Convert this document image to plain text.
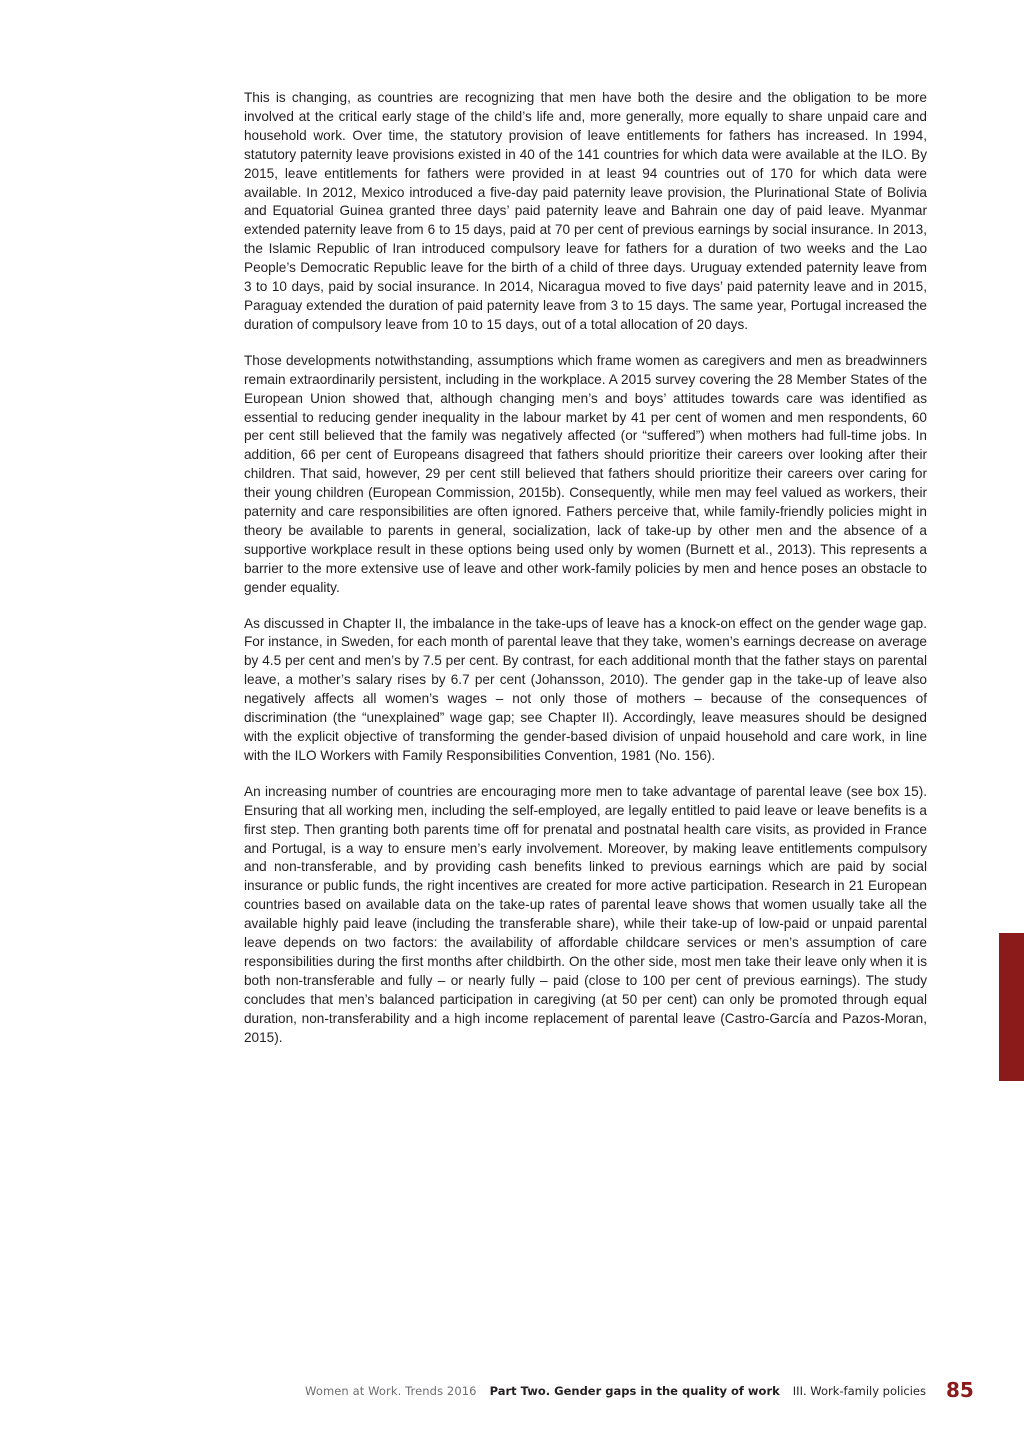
This is changing, as countries are recognizing that men have both the desire and the obligation to be more involved at the critical early stage of the child’s life and, more generally, more equally to share unpaid care and household work. Over time, the statutory provision of leave entitlements for fathers has increased. In 1994, statutory paternity leave provisions existed in 40 of the 141 countries for which data were available at the ILO. By 2015, leave entitlements for fathers were provided in at least 94 countries out of 170 for which data were available. In 2012, Mexico introduced a five-day paid paternity leave provision, the Plurinational State of Bolivia and Equatorial Guinea granted three days’ paid paternity leave and Bahrain one day of paid leave. Myanmar extended paternity leave from 6 to 15 days, paid at 70 per cent of previous earnings by social insurance. In 2013, the Islamic Republic of Iran introduced compulsory leave for fathers for a duration of two weeks and the Lao People’s Democratic Republic leave for the birth of a child of three days. Uruguay extended paternity leave from 3 to 10 days, paid by social insurance. In 2014, Nicaragua moved to five days’ paid paternity leave and in 2015, Paraguay extended the duration of paid paternity leave from 3 to 15 days. The same year, Portugal increased the duration of compulsory leave from 10 to 15 days, out of a total allocation of 20 days.

Those developments notwithstanding, assumptions which frame women as caregivers and men as breadwinners remain extraordinarily persistent, including in the workplace. A 2015 survey covering the 28 Member States of the European Union showed that, although changing men’s and boys’ attitudes towards care was identified as essential to reducing gender inequality in the labour market by 41 per cent of women and men respondents, 60 per cent still believed that the family was negatively affected (or “suffered”) when mothers had full-time jobs. In addition, 66 per cent of Europeans disagreed that fathers should prioritize their careers over looking after their children. That said, however, 29 per cent still believed that fathers should prioritize their careers over caring for their young children (European Commission, 2015b). Consequently, while men may feel valued as workers, their paternity and care responsibilities are often ignored. Fathers perceive that, while family-friendly policies might in theory be available to parents in general, socialization, lack of take-up by other men and the absence of a supportive workplace result in these options being used only by women (Burnett et al., 2013). This represents a barrier to the more extensive use of leave and other work-family policies by men and hence poses an obstacle to gender equality.

As discussed in Chapter II, the imbalance in the take-ups of leave has a knock-on effect on the gender wage gap. For instance, in Sweden, for each month of parental leave that they take, women’s earnings decrease on average by 4.5 per cent and men’s by 7.5 per cent. By contrast, for each additional month that the father stays on parental leave, a mother’s salary rises by 6.7 per cent (Johansson, 2010). The gender gap in the take-up of leave also negatively affects all women’s wages – not only those of mothers – because of the consequences of discrimination (the “unexplained” wage gap; see Chapter II). Accordingly, leave measures should be designed with the explicit objective of transforming the gender-based division of unpaid household and care work, in line with the ILO Workers with Family Responsibilities Convention, 1981 (No. 156).

An increasing number of countries are encouraging more men to take advantage of parental leave (see box 15). Ensuring that all working men, including the self-employed, are legally entitled to paid leave or leave benefits is a first step. Then granting both parents time off for prenatal and postnatal health care visits, as provided in France and Portugal, is a way to ensure men’s early involvement. Moreover, by making leave entitlements compulsory and non-transferable, and by providing cash benefits linked to previous earnings which are paid by social insurance or public funds, the right incentives are created for more active participation. Research in 21 European countries based on available data on the take-up rates of parental leave shows that women usually take all the available highly paid leave (including the transferable share), while their take-up of low-paid or unpaid parental leave depends on two factors: the availability of affordable childcare services or men’s assumption of care responsibilities during the first months after childbirth. On the other side, most men take their leave only when it is both non-transferable and fully – or nearly fully – paid (close to 100 per cent of previous earnings). The study concludes that men’s balanced participation in caregiving (at 50 per cent) can only be promoted through equal duration, non-transferability and a high income replacement of parental leave (Castro-García and Pazos-Moran, 2015).

Women at Work. Trends 2016 Part Two. Gender gaps in the quality of work III. Work-family policies 85
